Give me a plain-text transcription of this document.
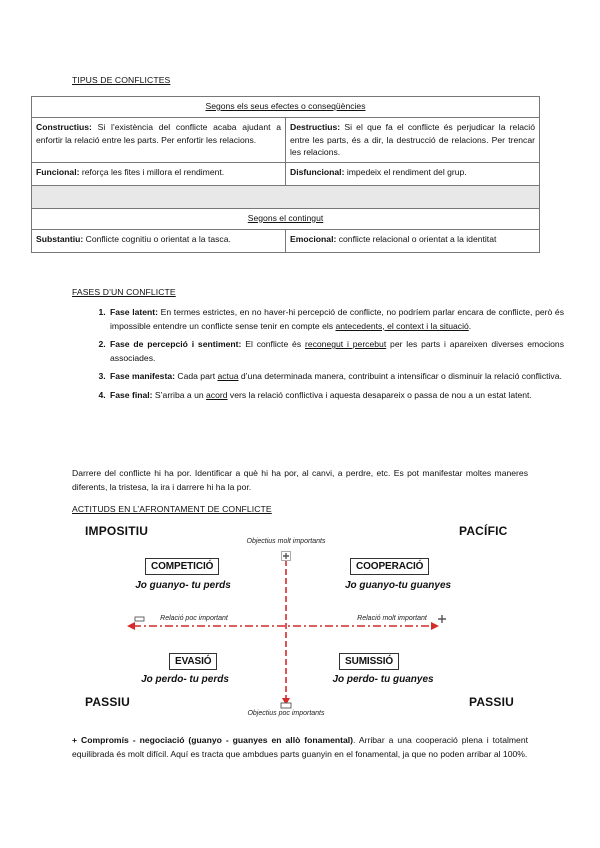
TIPUS DE CONFLICTES
Segons els seus efectes o conseqüències	
Constructius: Si l’existència del conflicte acaba ajudant a enfortir la relació entre les parts. Per enfortir les relacions.	Destructius: Si el que fa el conflicte és perjudicar la relació entre les parts, és a dir, la destrucció de relacions. Per trencar les relacions.
Funcional: reforça les fites i millora el rendiment.	Disfuncional: impedeix el rendiment del grup.

Segons el contingut	
Substantiu: Conflicte cognitiu o orientat a la tasca.	Emocional: conflicte relacional o orientat a la identitat
FASES D’UN CONFLICTE
1. Fase latent: En termes estrictes, en no haver-hi percepció de conflicte, no podríem parlar encara de conflicte, però és impossible entendre un conflicte sense tenir en compte els antecedents, el context i la situació.
2. Fase de percepció i sentiment: El conflicte és reconegut i percebut per les parts i apareixen diverses emocions associades.
3. Fase manifesta: Cada part actua d’una determinada manera, contribuint a intensificar o disminuir la relació conflictiva.
4. Fase final: S’arriba a un acord vers la relació conflictiva i aquesta desapareix o passa de nou a un estat latent.
Darrere del conflicte hi ha por. Identificar a què hi ha por, al canvi, a perdre, etc. Es pot manifestar moltes maneres diferents, la tristesa, la ira i darrere hi ha la por.
ACTITUDS EN L’AFRONTAMENT DE CONFLICTE
IMPOSITIU	PACÍFIC
PASSIU	PASSIU
Objectius molt importants
Objectius poc importants
Relació poc important	Relació molt important
COMPETICIÓ
Jo guanyo- tu perds
COOPERACIÓ
Jo guanyo-tu guanyes
EVASIÓ
Jo perdo- tu perds
SUMISSIÓ
Jo perdo- tu guanyes
+ Compromís - negociació (guanyo - guanyes en allò fonamental). Arribar a una cooperació plena i totalment equilibrada és molt difícil. Aquí es tracta que ambdues parts guanyin en el fonamental, ja que no poden arribar al 100%.
